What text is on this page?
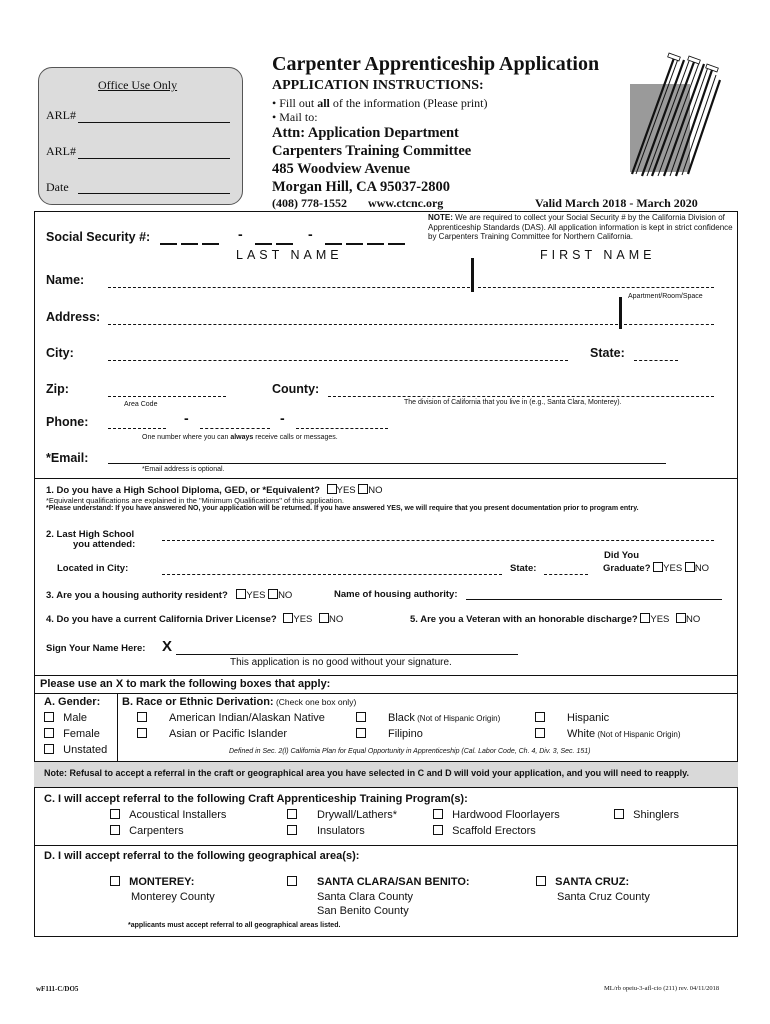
Office Use Only
ARL#
ARL#
Date
Carpenter Apprenticeship Application
APPLICATION INSTRUCTIONS:
• Fill out all of the information (Please print)
• Mail to:
Attn: Application Department
Carpenters Training Committee
485 Woodview Avenue
Morgan Hill, CA 95037-2800
(408) 778-1552 www.ctcnc.org	Valid March 2018 - March 2020
NOTE: We are required to collect your Social Security # by the California Division of
Apprenticeship Standards (DAS). All application information is kept in strict confidence
by Carpenters Training Committee for Northern California.
Social Security #:	-	-
LAST NAME	FIRST NAME
Name:
Apartment/Room/Space
Address:
City:	State:
Zip:	County:
Area Code	The division of California that you live in (e.g., Santa Clara, Monterey).
Phone:	-	-
One number where you can always receive calls or messages.
*Email:
*Email address is optional.
1. Do you have a High School Diploma, GED, or *Equivalent? YES NO
*Equivalent qualifications are explained in the "Minimum Qualifications" of this application.
*Please understand: If you have answered NO, your application will be returned. If you have answered YES, we will require that you present documentation prior to program entry.
2. Last High School
you attended:
Did You
Located in City:	State:	Graduate? YES NO
3. Are you a housing authority resident? YES NO	Name of housing authority:
4. Do you have a current California Driver License? YES NO	5. Are you a Veteran with an honorable discharge? YES NO
Sign Your Name Here: X
This application is no good without your signature.
Please use an X to mark the following boxes that apply:
A. Gender:
Male
Female
Unstated
B. Race or Ethnic Derivation: (Check one box only)
American Indian/Alaskan Native
Asian or Pacific Islander
Black (Not of Hispanic Origin)
Filipino
Hispanic
White (Not of Hispanic Origin)
Defined in Sec. 2(l) California Plan for Equal Opportunity in Apprenticeship (Cal. Labor Code, Ch. 4, Div. 3, Sec. 151)
Note: Refusal to accept a referral in the craft or geographical area you have selected in C and D will void your application, and you will need to reapply.
C. I will accept referral to the following Craft Apprenticeship Training Program(s):
Acoustical Installers
Carpenters
Drywall/Lathers*
Insulators
Hardwood Floorlayers
Scaffold Erectors
Shinglers
D. I will accept referral to the following geographical area(s):
MONTEREY:
Monterey County
SANTA CLARA/SAN BENITO:
Santa Clara County
San Benito County
SANTA CRUZ:
Santa Cruz County
*applicants must accept referral to all geographical areas listed.
wF111-C/DO5	ML/rb opeiu-3-afl-cio (211) rev. 04/11/2018
